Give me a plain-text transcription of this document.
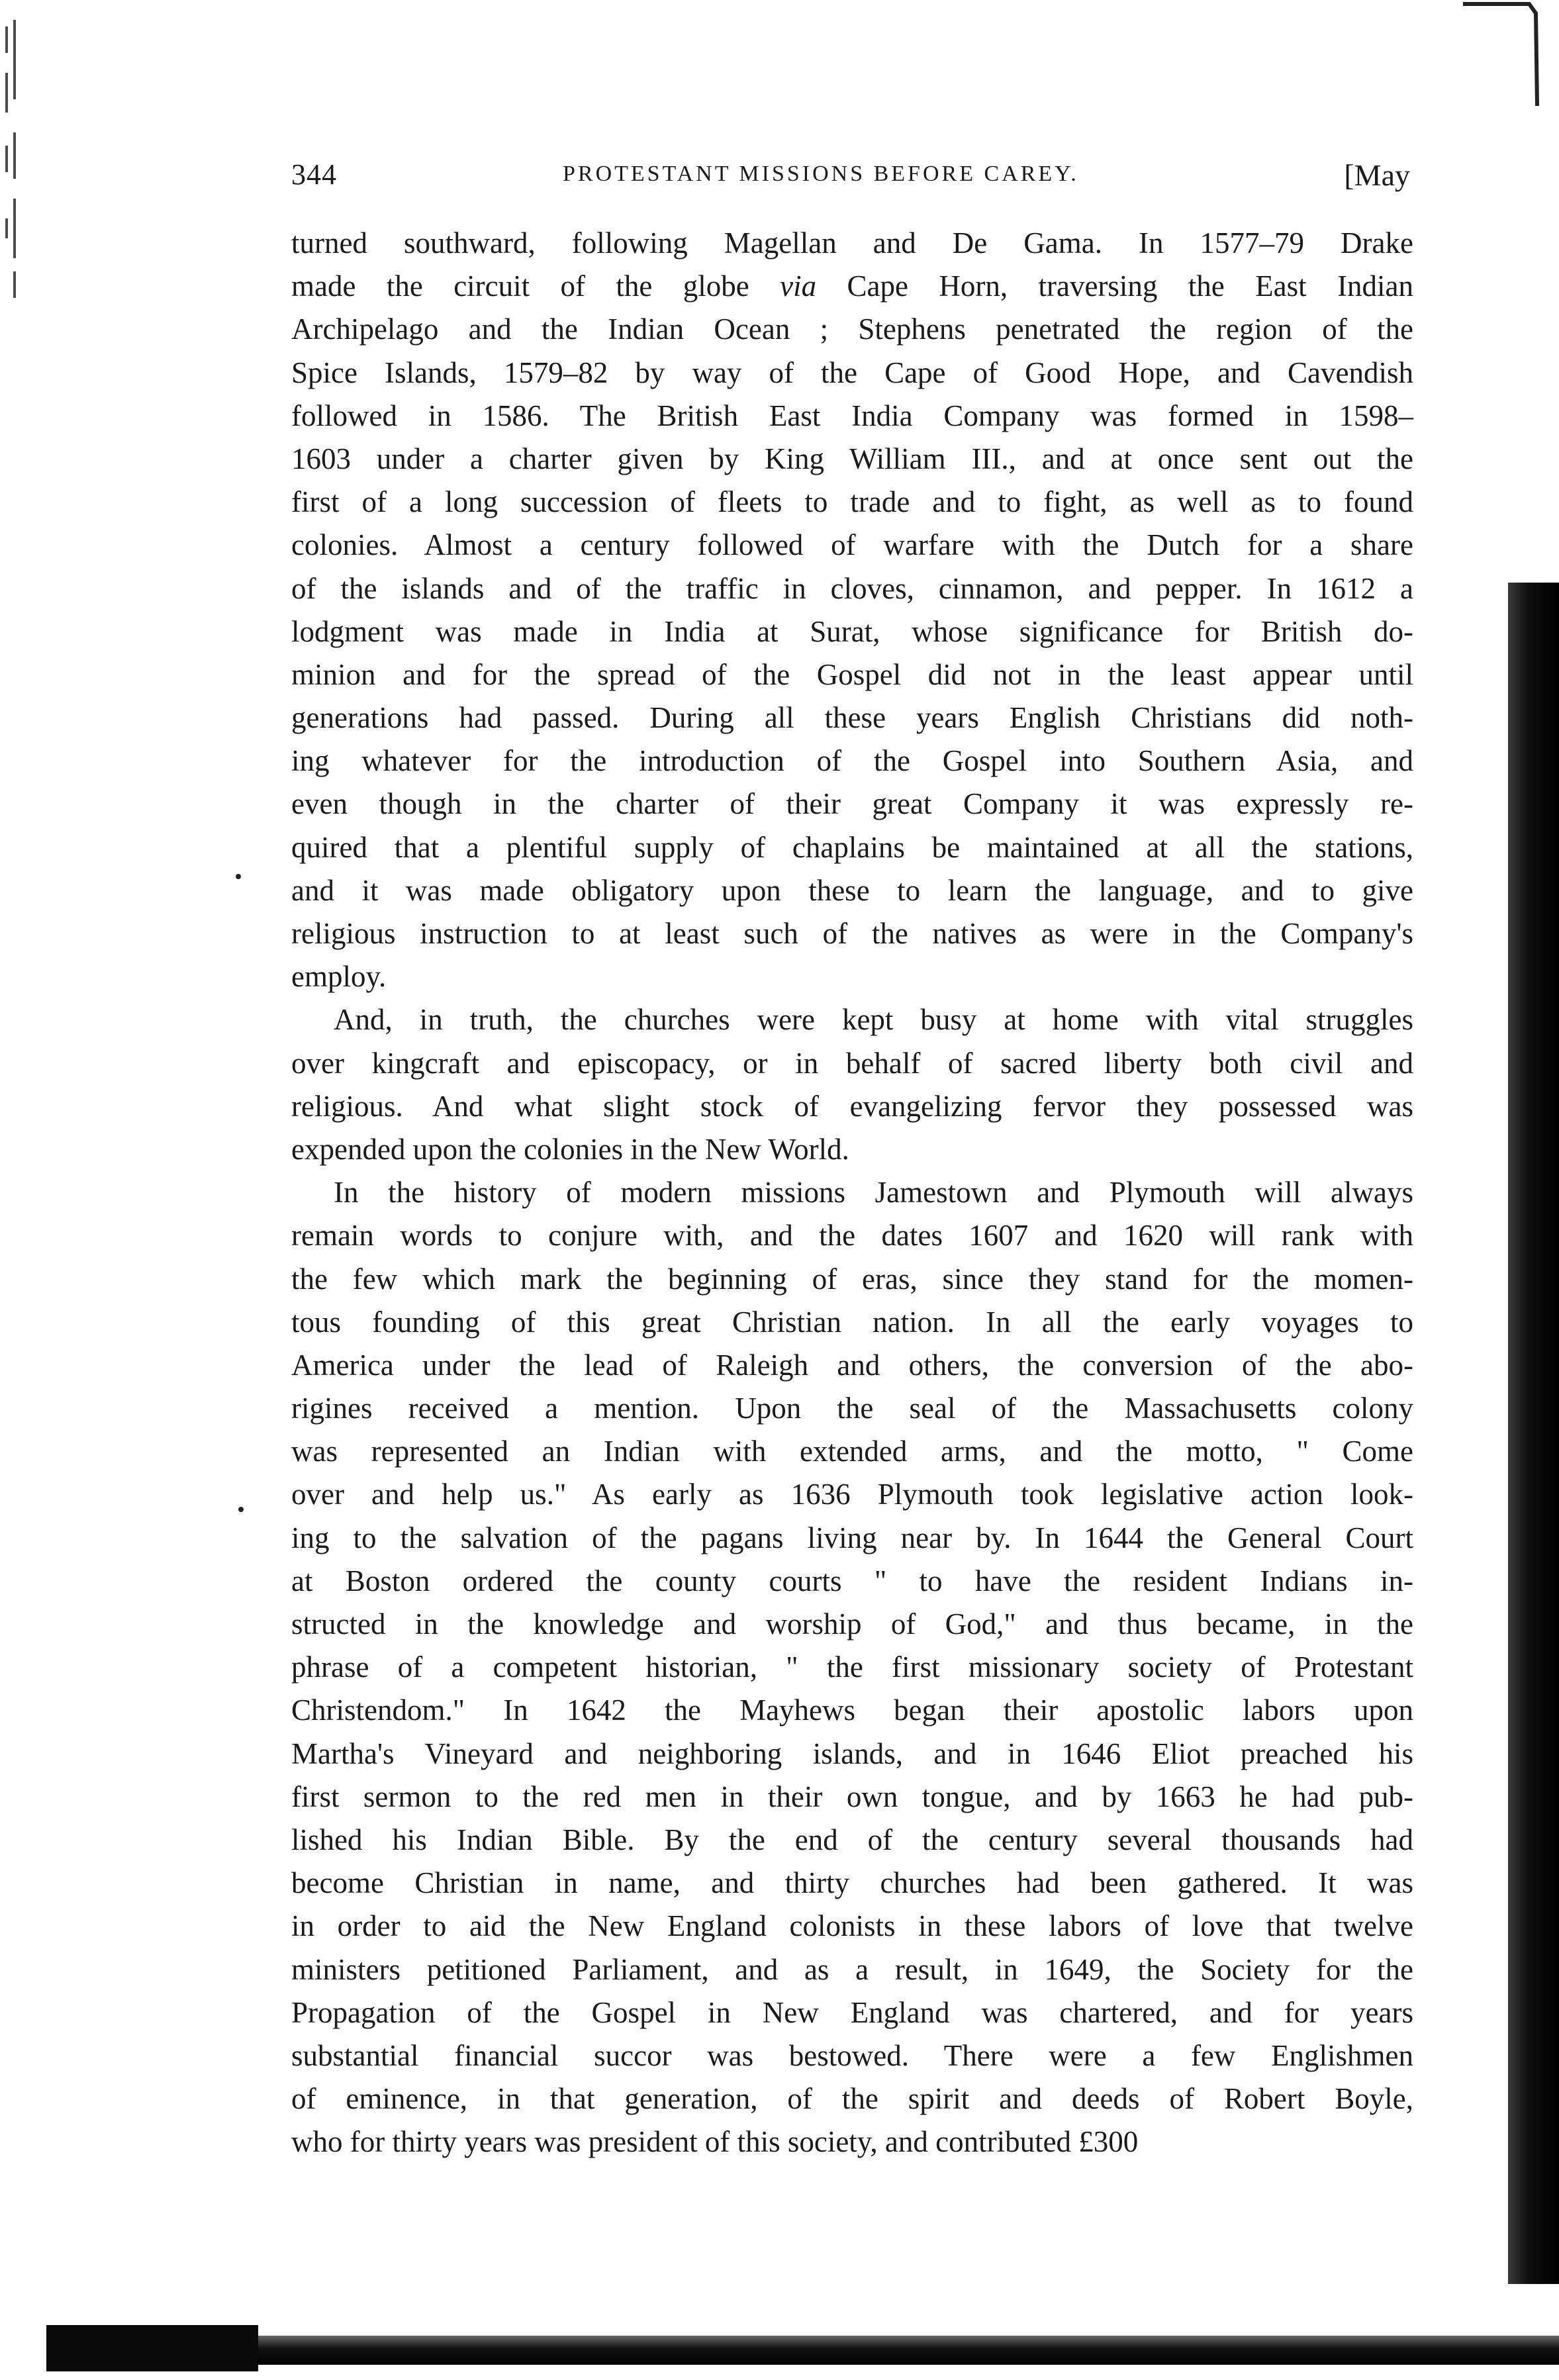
344	PROTESTANT MISSIONS BEFORE CAREY.	[May
turned southward, following Magellan and De Gama. In 1577–79 Drake
made the circuit of the globe via Cape Horn, traversing the East Indian
Archipelago and the Indian Ocean ; Stephens penetrated the region of the
Spice Islands, 1579–82 by way of the Cape of Good Hope, and Cavendish
followed in 1586. The British East India Company was formed in 1598–
1603 under a charter given by King William III., and at once sent out the
first of a long succession of fleets to trade and to fight, as well as to found
colonies. Almost a century followed of warfare with the Dutch for a share
of the islands and of the traffic in cloves, cinnamon, and pepper. In 1612 a
lodgment was made in India at Surat, whose significance for British do-
minion and for the spread of the Gospel did not in the least appear until
generations had passed. During all these years English Christians did noth-
ing whatever for the introduction of the Gospel into Southern Asia, and
even though in the charter of their great Company it was expressly re-
quired that a plentiful supply of chaplains be maintained at all the stations,
and it was made obligatory upon these to learn the language, and to give
religious instruction to at least such of the natives as were in the Company's
employ.
And, in truth, the churches were kept busy at home with vital struggles
over kingcraft and episcopacy, or in behalf of sacred liberty both civil and
religious. And what slight stock of evangelizing fervor they possessed was
expended upon the colonies in the New World.
In the history of modern missions Jamestown and Plymouth will always
remain words to conjure with, and the dates 1607 and 1620 will rank with
the few which mark the beginning of eras, since they stand for the momen-
tous founding of this great Christian nation. In all the early voyages to
America under the lead of Raleigh and others, the conversion of the abo-
rigines received a mention. Upon the seal of the Massachusetts colony
was represented an Indian with extended arms, and the motto, " Come
over and help us." As early as 1636 Plymouth took legislative action look-
ing to the salvation of the pagans living near by. In 1644 the General Court
at Boston ordered the county courts " to have the resident Indians in-
structed in the knowledge and worship of God," and thus became, in the
phrase of a competent historian, " the first missionary society of Protestant
Christendom." In 1642 the Mayhews began their apostolic labors upon
Martha's Vineyard and neighboring islands, and in 1646 Eliot preached his
first sermon to the red men in their own tongue, and by 1663 he had pub-
lished his Indian Bible. By the end of the century several thousands had
become Christian in name, and thirty churches had been gathered. It was
in order to aid the New England colonists in these labors of love that twelve
ministers petitioned Parliament, and as a result, in 1649, the Society for the
Propagation of the Gospel in New England was chartered, and for years
substantial financial succor was bestowed. There were a few Englishmen
of eminence, in that generation, of the spirit and deeds of Robert Boyle,
who for thirty years was president of this society, and contributed £300
